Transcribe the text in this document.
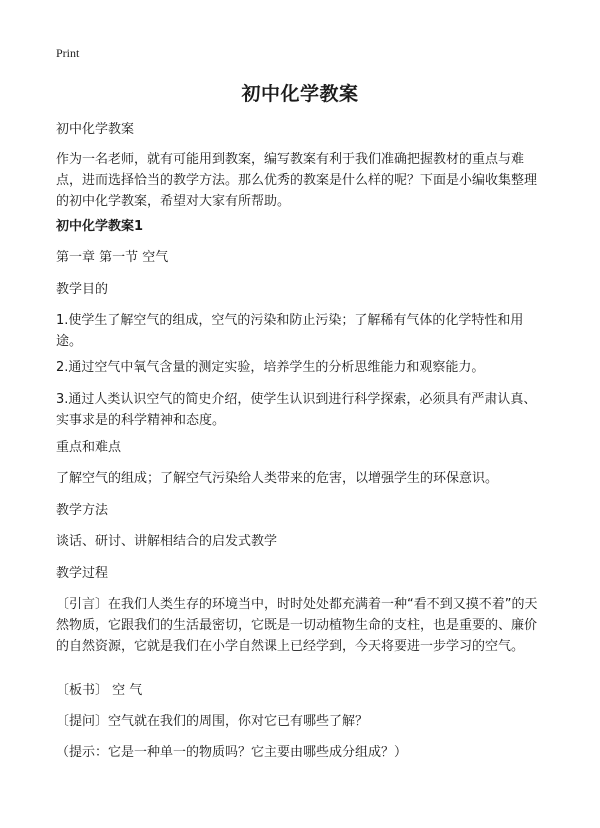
Print
初中化学教案
初中化学教案
作为一名老师，就有可能用到教案，编写教案有利于我们准确把握教材的重点与难点，进而选择恰当的教学方法。那么优秀的教案是什么样的呢？下面是小编收集整理的初中化学教案，希望对大家有所帮助。
初中化学教案1
第一章 第一节 空气
教学目的
1.使学生了解空气的组成，空气的污染和防止污染；了解稀有气体的化学特性和用途。
2.通过空气中氧气含量的测定实验，培养学生的分析思维能力和观察能力。
3.通过人类认识空气的简史介绍，使学生认识到进行科学探索，必须具有严肃认真、实事求是的科学精神和态度。
重点和难点
了解空气的组成；了解空气污染给人类带来的危害，以增强学生的环保意识。
教学方法
谈话、研讨、讲解相结合的启发式教学
教学过程
〔引言〕在我们人类生存的环境当中，时时处处都充满着一种“看不到又摸不着”的天然物质，它跟我们的生活最密切，它既是一切动植物生命的支柱，也是重要的、廉价的自然资源，它就是我们在小学自然课上已经学到，今天将要进一步学习的空气。
〔板书〕 空 气
〔提问〕空气就在我们的周围，你对它已有哪些了解？
（提示：它是一种单一的物质吗？它主要由哪些成分组成？）
